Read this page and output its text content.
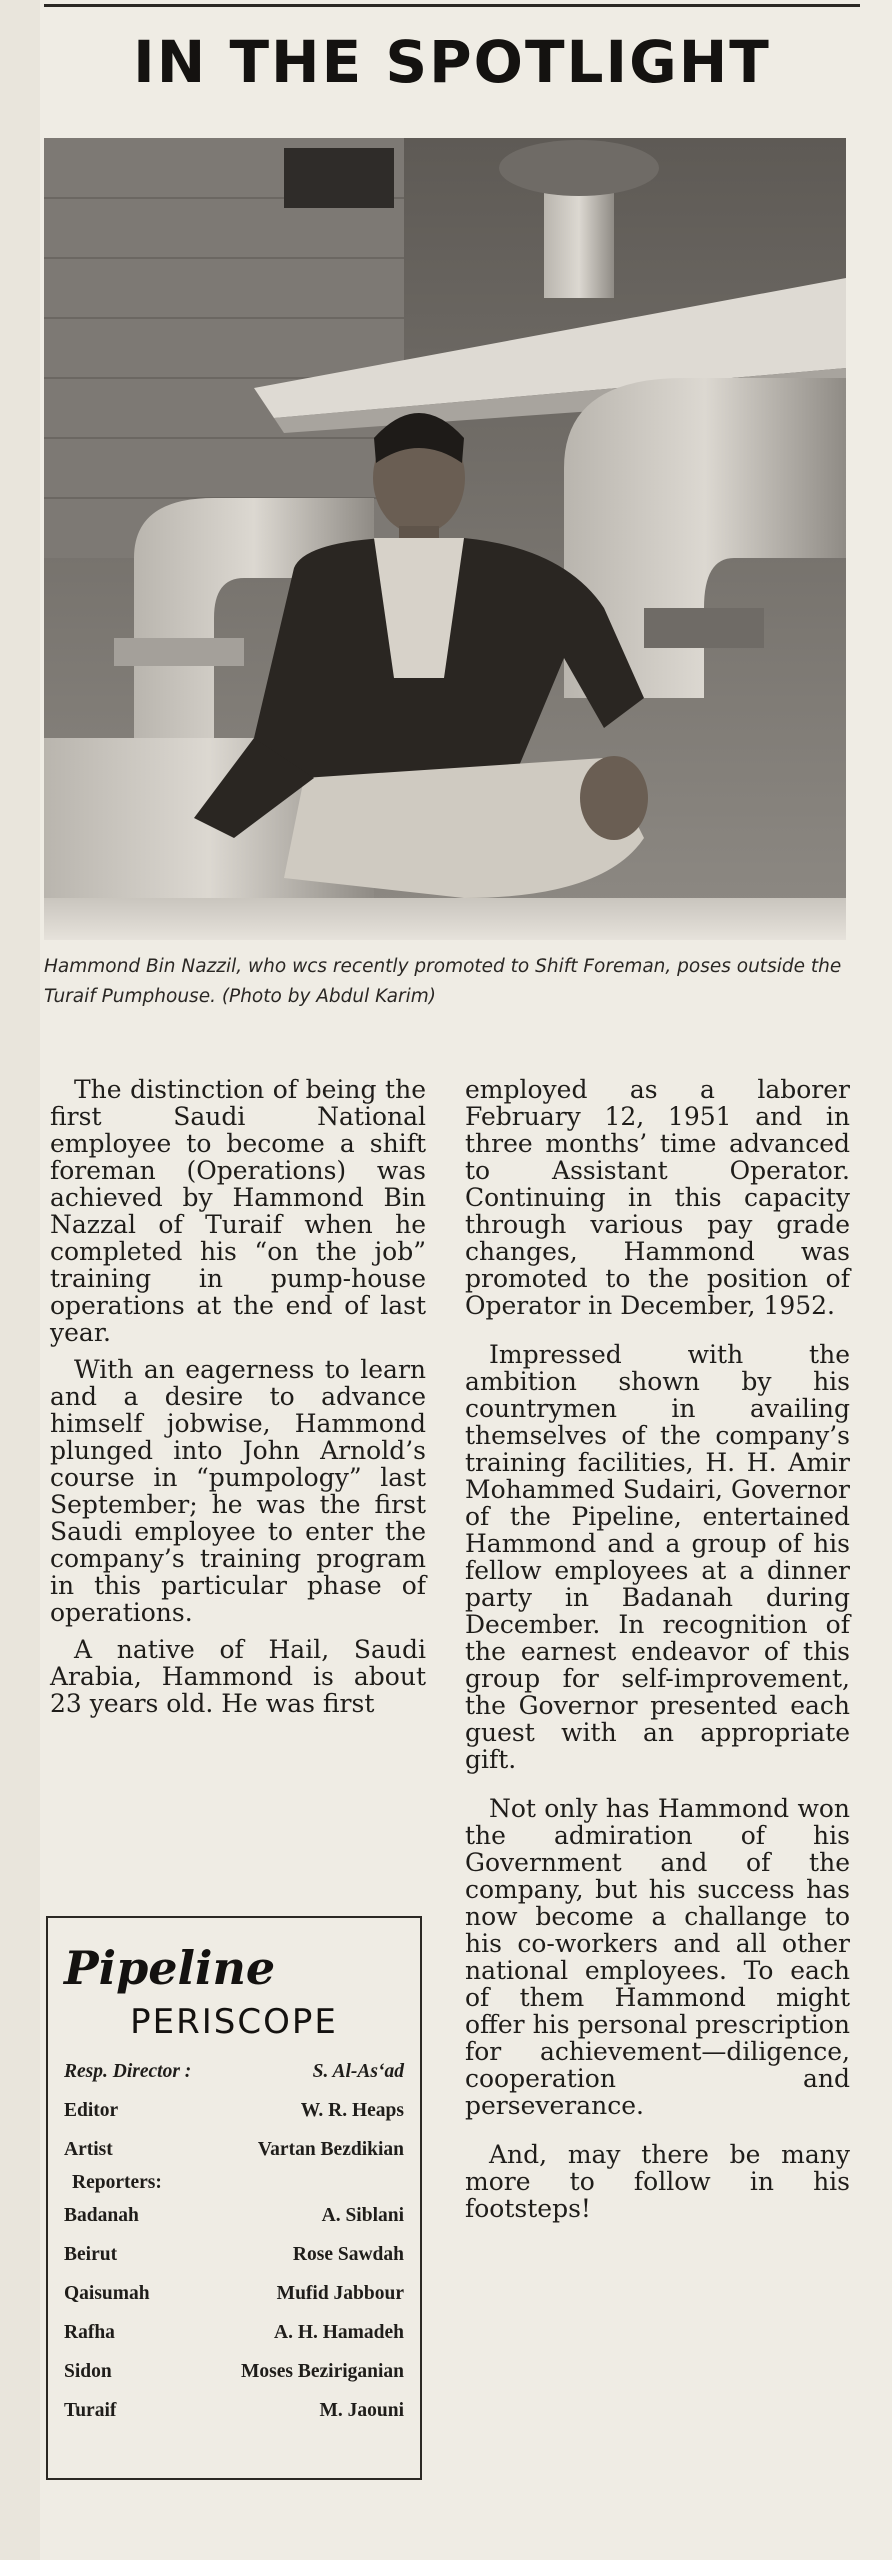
IN THE SPOTLIGHT

Hammond Bin Nazzil, who wcs recently promoted to Shift Foreman, poses outside the Turaif Pumphouse. (Photo by Abdul Karim)

The distinction of being the first Saudi National employee to become a shift foreman (Operations) was achieved by Hammond Bin Nazzal of Turaif when he completed his “on the job” training in pump-house operations at the end of last year.

With an eagerness to learn and a desire to advance himself jobwise, Hammond plunged into John Arnold’s course in “pumpology” last September; he was the first Saudi employee to enter the company’s training program in this particular phase of operations.

A native of Hail, Saudi Arabia, Hammond is about 23 years old. He was first

employed as a laborer February 12, 1951 and in three months’ time advanced to Assistant Operator. Continuing in this capacity through various pay grade changes, Hammond was promoted to the position of Operator in December, 1952.

Impressed with the ambition shown by his countrymen in availing themselves of the company’s training facilities, H. H. Amir Mohammed Sudairi, Governor of the Pipeline, entertained Hammond and a group of his fellow employees at a dinner party in Badanah during December. In recognition of the earnest endeavor of this group for self-improvement, the Governor presented each guest with an appropriate gift.

Not only has Hammond won the admiration of his Government and of the company, but his success has now become a challange to his co-workers and all other national employees. To each of them Hammond might offer his personal prescription for achievement—diligence, cooperation and perseverance.

And, may there be many more to follow in his footsteps!

Pipeline
PERISCOPE
Resp. Director :	S. Al-As‘ad
Editor	W. R. Heaps
Artist	Vartan Bezdikian
Reporters:
Badanah	A. Siblani
Beirut	Rose Sawdah
Qaisumah	Mufid Jabbour
Rafha	A. H. Hamadeh
Sidon	Moses Beziriganian
Turaif	M. Jaouni
